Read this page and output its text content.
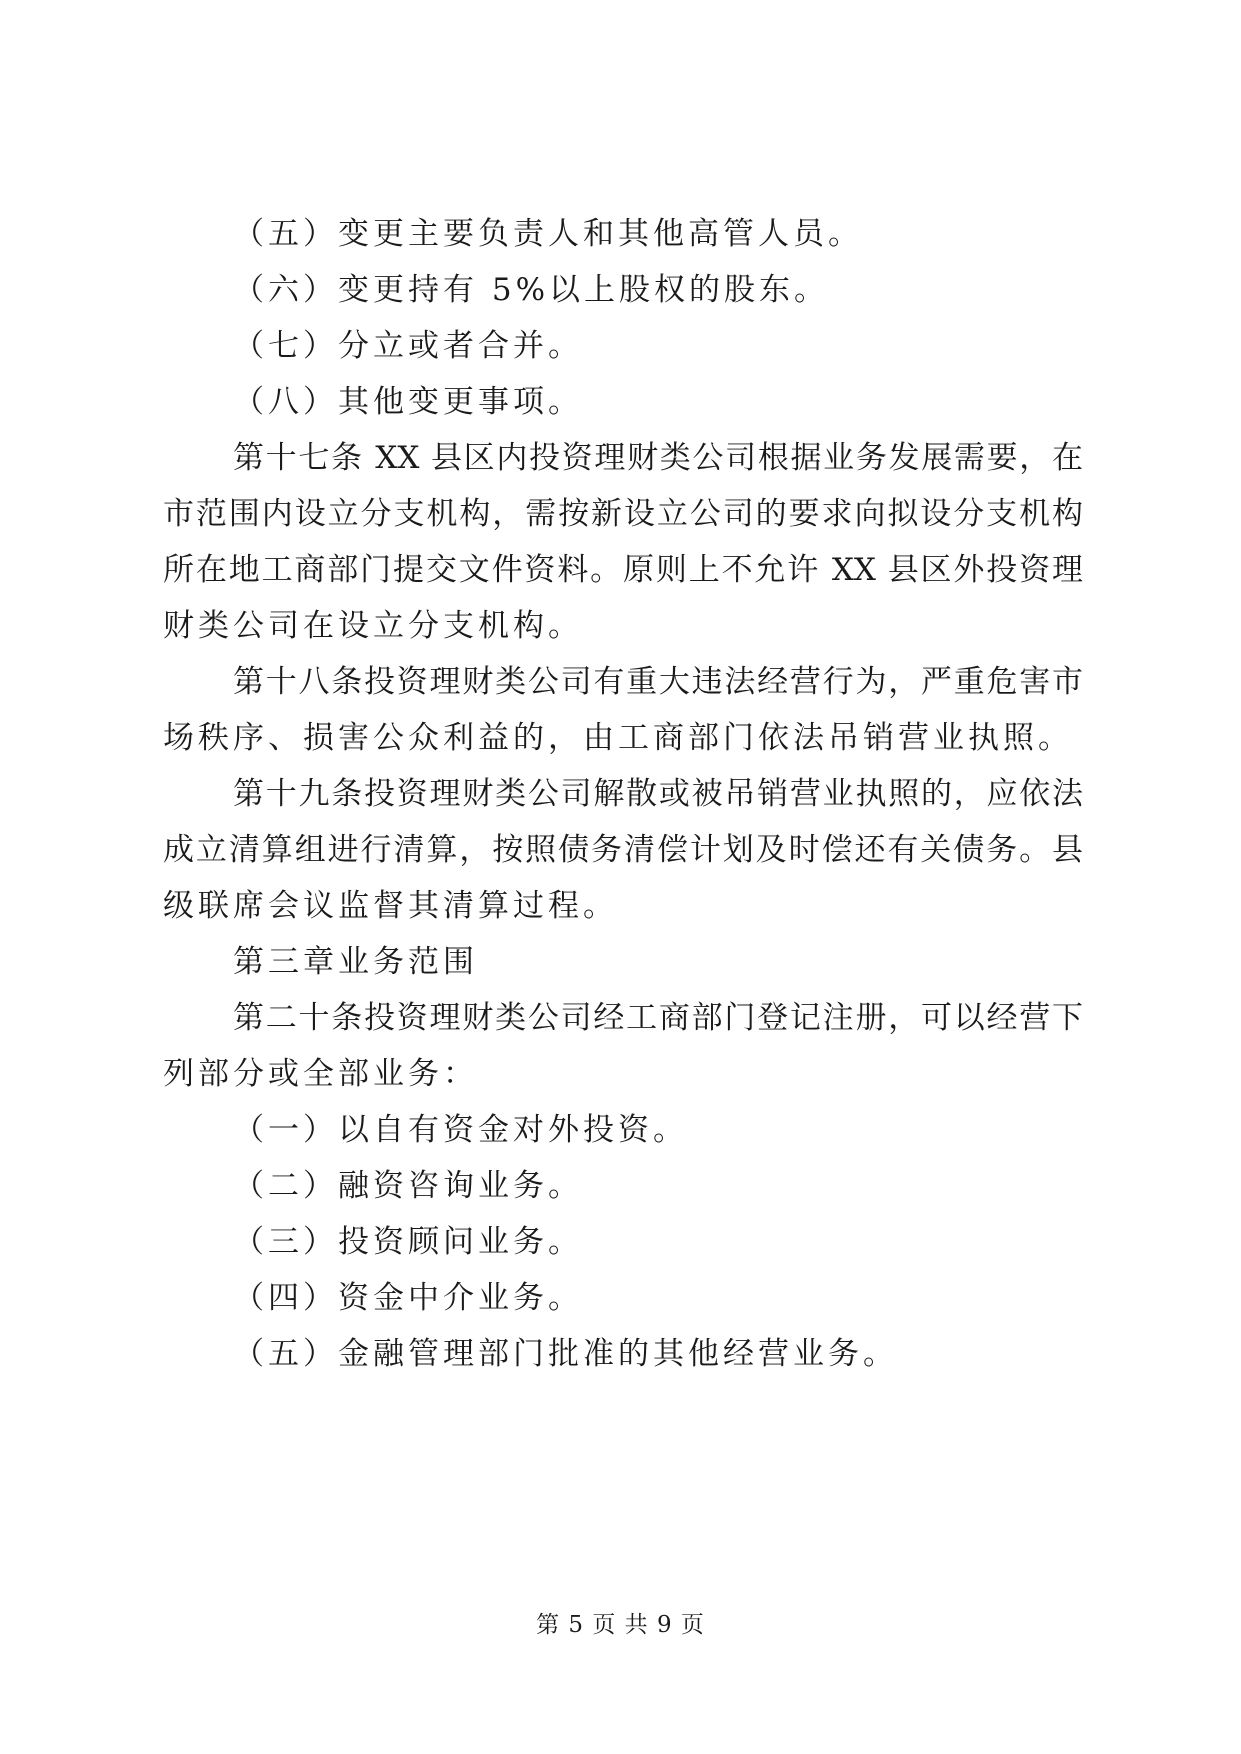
（五）变更主要负责人和其他高管人员。
（六）变更持有 5%以上股权的股东。
（七）分立或者合并。
（八）其他变更事项。
第十七条 XX 县区内投资理财类公司根据业务发展需要，在
市范围内设立分支机构，需按新设立公司的要求向拟设分支机构
所在地工商部门提交文件资料。原则上不允许 XX 县区外投资理
财类公司在设立分支机构。
第十八条投资理财类公司有重大违法经营行为，严重危害市
场秩序、损害公众利益的，由工商部门依法吊销营业执照。
第十九条投资理财类公司解散或被吊销营业执照的，应依法
成立清算组进行清算，按照债务清偿计划及时偿还有关债务。县
级联席会议监督其清算过程。
第三章业务范围
第二十条投资理财类公司经工商部门登记注册，可以经营下
列部分或全部业务：
（一）以自有资金对外投资。
（二）融资咨询业务。
（三）投资顾问业务。
（四）资金中介业务。
（五）金融管理部门批准的其他经营业务。
第 5 页 共 9 页
